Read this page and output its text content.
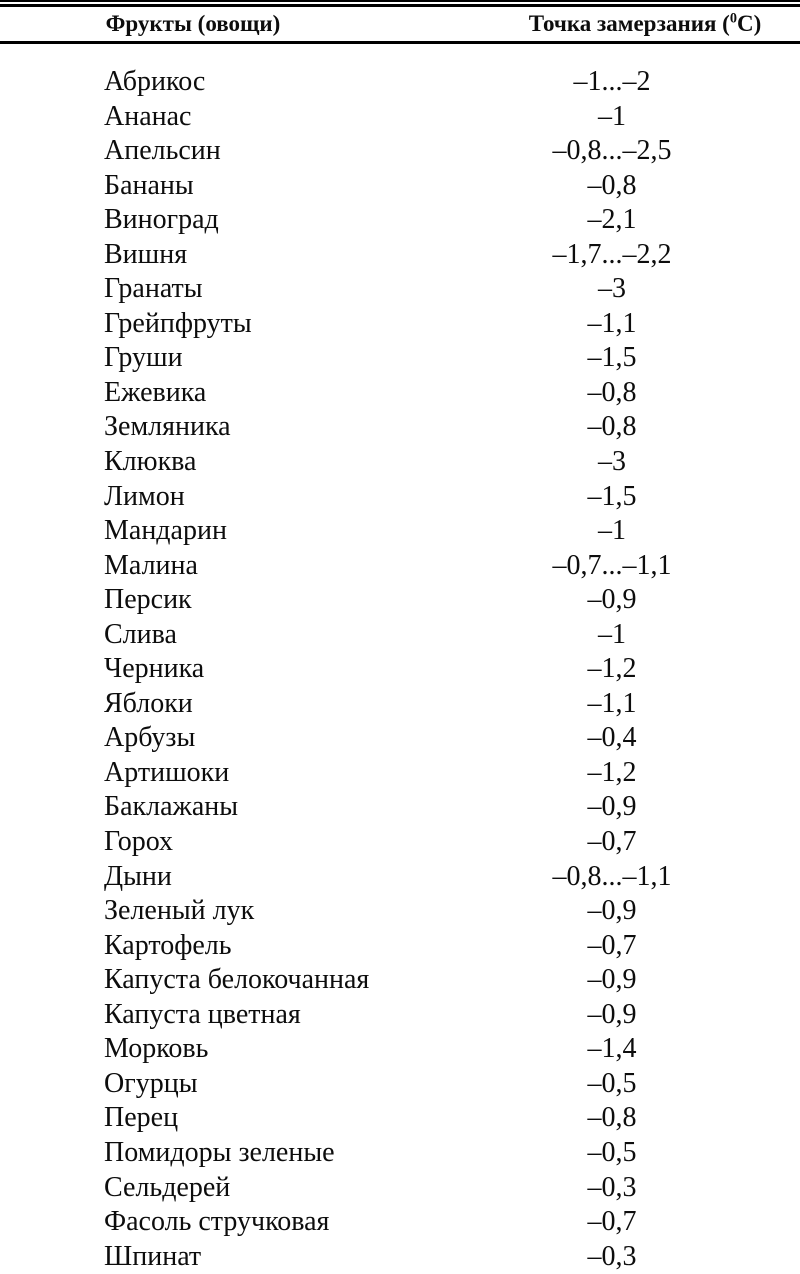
Фрукты (овощи)	Точка замерзания ($^0$С)
Абрикос	–1...–2
Ананас	–1
Апельсин	–0,8...–2,5
Бананы	–0,8
Виноград	–2,1
Вишня	–1,7...–2,2
Гранаты	–3
Грейпфруты	–1,1
Груши	–1,5
Ежевика	–0,8
Земляника	–0,8
Клюква	–3
Лимон	–1,5
Мандарин	–1
Малина	–0,7...–1,1
Персик	–0,9
Слива	–1
Черника	–1,2
Яблоки	–1,1
Арбузы	–0,4
Артишоки	–1,2
Баклажаны	–0,9
Горох	–0,7
Дыни	–0,8...–1,1
Зеленый лук	–0,9
Картофель	–0,7
Капуста белокочанная	–0,9
Капуста цветная	–0,9
Морковь	–1,4
Огурцы	–0,5
Перец	–0,8
Помидоры зеленые	–0,5
Сельдерей	–0,3
Фасоль стручковая	–0,7
Шпинат	–0,3
